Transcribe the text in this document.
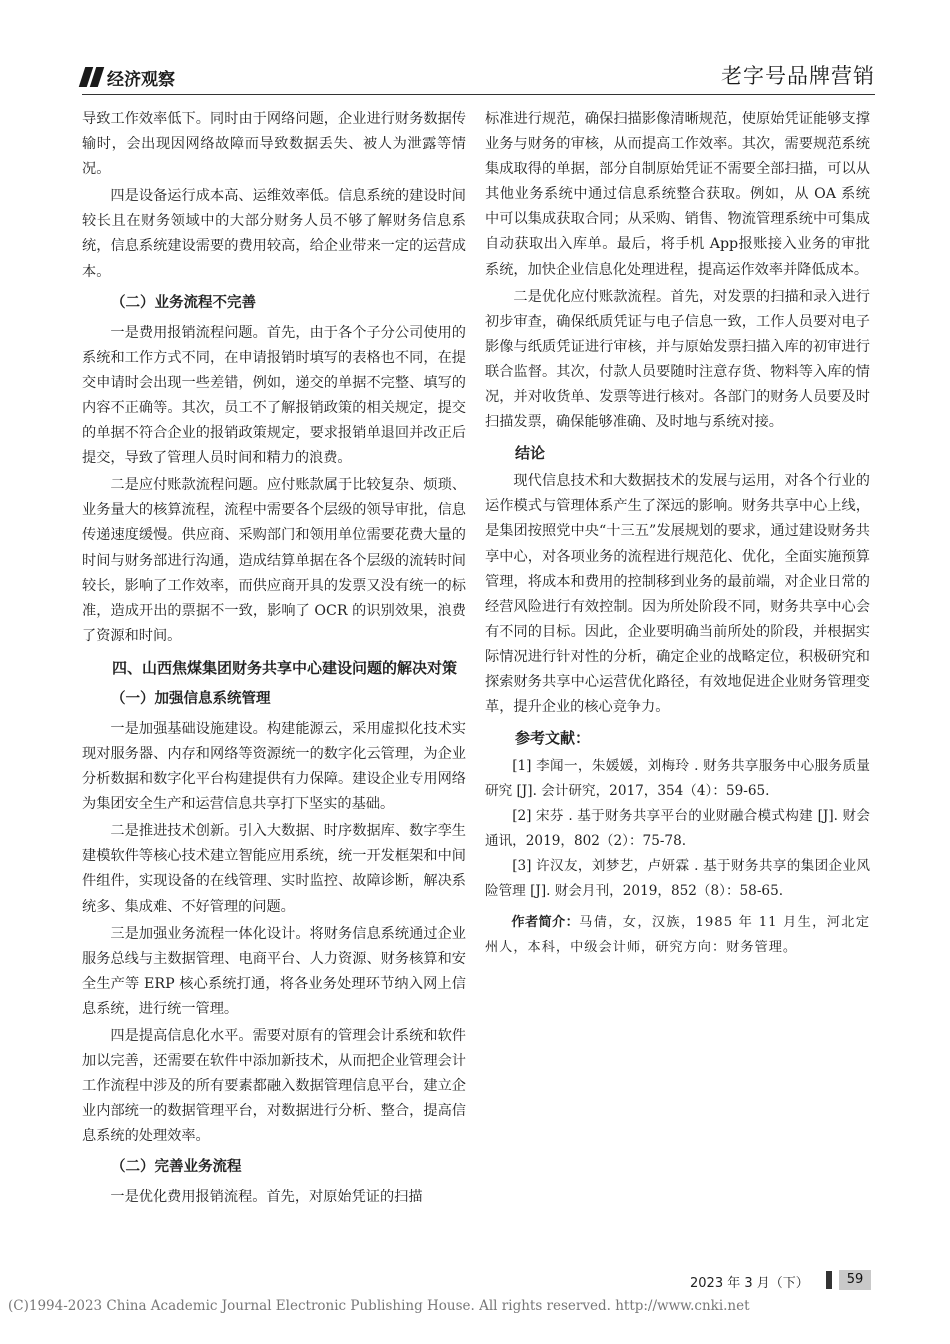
经济观察	老字号品牌营销

导致工作效率低下。同时由于网络问题，企业进行财务数据传输时，会出现因网络故障而导致数据丢失、被人为泄露等情况。

四是设备运行成本高、运维效率低。信息系统的建设时间较长且在财务领域中的大部分财务人员不够了解财务信息系统，信息系统建设需要的费用较高，给企业带来一定的运营成本。

（二）业务流程不完善

一是费用报销流程问题。首先，由于各个子分公司使用的系统和工作方式不同，在申请报销时填写的表格也不同，在提交申请时会出现一些差错，例如，递交的单据不完整、填写的内容不正确等。其次，员工不了解报销政策的相关规定，提交的单据不符合企业的报销政策规定，要求报销单退回并改正后提交，导致了管理人员时间和精力的浪费。

二是应付账款流程问题。应付账款属于比较复杂、烦琐、业务量大的核算流程，流程中需要各个层级的领导审批，信息传递速度缓慢。供应商、采购部门和领用单位需要花费大量的时间与财务部进行沟通，造成结算单据在各个层级的流转时间较长，影响了工作效率，而供应商开具的发票又没有统一的标准，造成开出的票据不一致，影响了 OCR 的识别效果，浪费了资源和时间。

四、山西焦煤集团财务共享中心建设问题的解决对策
（一）加强信息系统管理

一是加强基础设施建设。构建能源云，采用虚拟化技术实现对服务器、内存和网络等资源统一的数字化云管理，为企业分析数据和数字化平台构建提供有力保障。建设企业专用网络为集团安全生产和运营信息共享打下坚实的基础。

二是推进技术创新。引入大数据、时序数据库、数字孪生建模软件等核心技术建立智能应用系统，统一开发框架和中间件组件，实现设备的在线管理、实时监控、故障诊断，解决系统多、集成难、不好管理的问题。

三是加强业务流程一体化设计。将财务信息系统通过企业服务总线与主数据管理、电商平台、人力资源、财务核算和安全生产等 ERP 核心系统打通，将各业务处理环节纳入网上信息系统，进行统一管理。

四是提高信息化水平。需要对原有的管理会计系统和软件加以完善，还需要在软件中添加新技术，从而把企业管理会计工作流程中涉及的所有要素都融入数据管理信息平台，建立企业内部统一的数据管理平台，对数据进行分析、整合，提高信息系统的处理效率。

（二）完善业务流程

一是优化费用报销流程。首先，对原始凭证的扫描

标准进行规范，确保扫描影像清晰规范，使原始凭证能够支撑业务与财务的审核，从而提高工作效率。其次，需要规范系统集成取得的单据，部分自制原始凭证不需要全部扫描，可以从其他业务系统中通过信息系统整合获取。例如，从 OA 系统中可以集成获取合同；从采购、销售、物流管理系统中可集成自动获取出入库单。最后，将手机 App报账接入业务的审批系统，加快企业信息化处理进程，提高运作效率并降低成本。

二是优化应付账款流程。首先，对发票的扫描和录入进行初步审查，确保纸质凭证与电子信息一致，工作人员要对电子影像与纸质凭证进行审核，并与原始发票扫描入库的初审进行联合监督。其次，付款人员要随时注意存货、物料等入库的情况，并对收货单、发票等进行核对。各部门的财务人员要及时扫描发票，确保能够准确、及时地与系统对接。

结论

现代信息技术和大数据技术的发展与运用，对各个行业的运作模式与管理体系产生了深远的影响。财务共享中心上线，是集团按照党中央“十三五”发展规划的要求，通过建设财务共享中心，对各项业务的流程进行规范化、优化，全面实施预算管理，将成本和费用的控制移到业务的最前端，对企业日常的经营风险进行有效控制。因为所处阶段不同，财务共享中心会有不同的目标。因此，企业要明确当前所处的阶段，并根据实际情况进行针对性的分析，确定企业的战略定位，积极研究和探索财务共享中心运营优化路径，有效地促进企业财务管理变革，提升企业的核心竞争力。

参考文献：

[1] 李闻一，朱媛媛，刘梅玲 . 财务共享服务中心服务质量研究 [J]. 会计研究，2017，354（4）：59-65.

[2] 宋芬 . 基于财务共享平台的业财融合模式构建 [J]. 财会通讯，2019，802（2）：75-78.

[3] 许汉友，刘梦艺，卢妍霖 . 基于财务共享的集团企业风险管理 [J]. 财会月刊，2019，852（8）：58-65.

作者简介：马倩，女，汉族，1985 年 11 月生，河北定州人，本科，中级会计师，研究方向：财务管理。

2023 年 3 月（下）	59
(C)1994-2023 China Academic Journal Electronic Publishing House. All rights reserved. http://www.cnki.net
